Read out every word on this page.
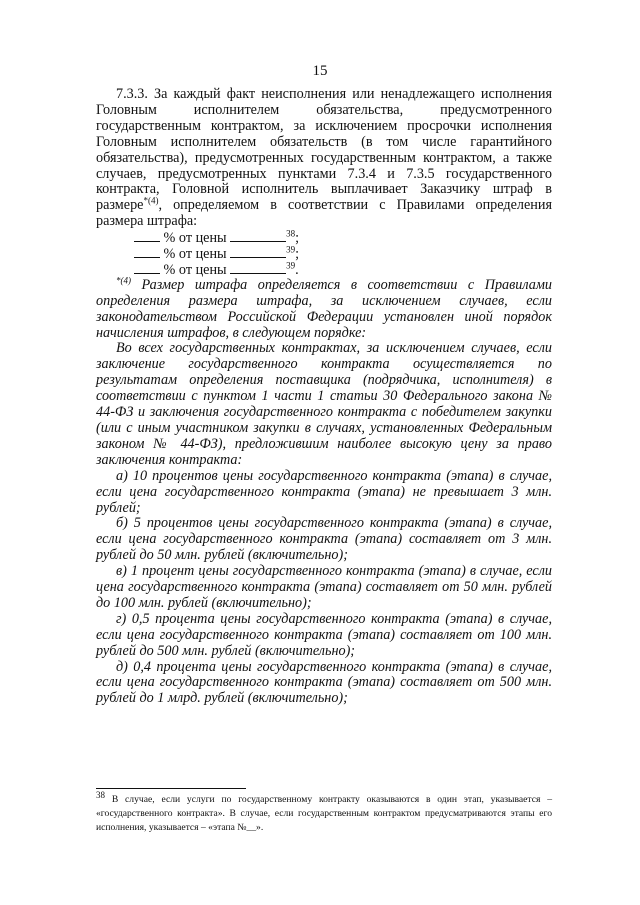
15

7.3.3. За каждый факт неисполнения или ненадлежащего исполнения Головным исполнителем обязательства, предусмотренного государственным контрактом, за исключением просрочки исполнения Головным исполнителем обязательств (в том числе гарантийного обязательства), предусмотренных государственным контрактом, а также случаев, предусмотренных пунктами 7.3.4 и 7.3.5 государственного контракта, Головной исполнитель выплачивает Заказчику штраф в размере$^{*(4)}$, определяемом в соответствии с Правилами определения размера штрафа:

% от цены	$^{38}$;
% от цены	$^{39}$;
% от цены	$^{39}$.

$^{*(4)}$ Размер штрафа определяется в соответствии с Правилами определения размера штрафа, за исключением случаев, если законодательством Российской Федерации установлен иной порядок начисления штрафов, в следующем порядке:

Во всех государственных контрактах, за исключением случаев, если заключение государственного контракта осуществляется по результатам определения поставщика (подрядчика, исполнителя) в соответствии с пунктом 1 части 1 статьи 30 Федерального закона № 44-ФЗ и заключения государственного контракта с победителем закупки (или с иным участником закупки в случаях, установленных Федеральным законом № 44-ФЗ), предложившим наиболее высокую цену за право заключения контракта:

а) 10 процентов цены государственного контракта (этапа) в случае, если цена государственного контракта (этапа) не превышает 3 млн. рублей;

б) 5 процентов цены государственного контракта (этапа) в случае, если цена государственного контракта (этапа) составляет от 3 млн. рублей до 50 млн. рублей (включительно);

в) 1 процент цены государственного контракта (этапа) в случае, если цена государственного контракта (этапа) составляет от 50 млн. рублей до 100 млн. рублей (включительно);

г) 0,5 процента цены государственного контракта (этапа) в случае, если цена государственного контракта (этапа) составляет от 100 млн. рублей до 500 млн. рублей (включительно);

д) 0,4 процента цены государственного контракта (этапа) в случае, если цена государственного контракта (этапа) составляет от 500 млн. рублей до 1 млрд. рублей (включительно);

$^{38}$ В случае, если услуги по государственному контракту оказываются в один этап, указывается – «государственного контракта». В случае, если государственным контрактом предусматриваются этапы его исполнения, указывается – «этапа №__».
